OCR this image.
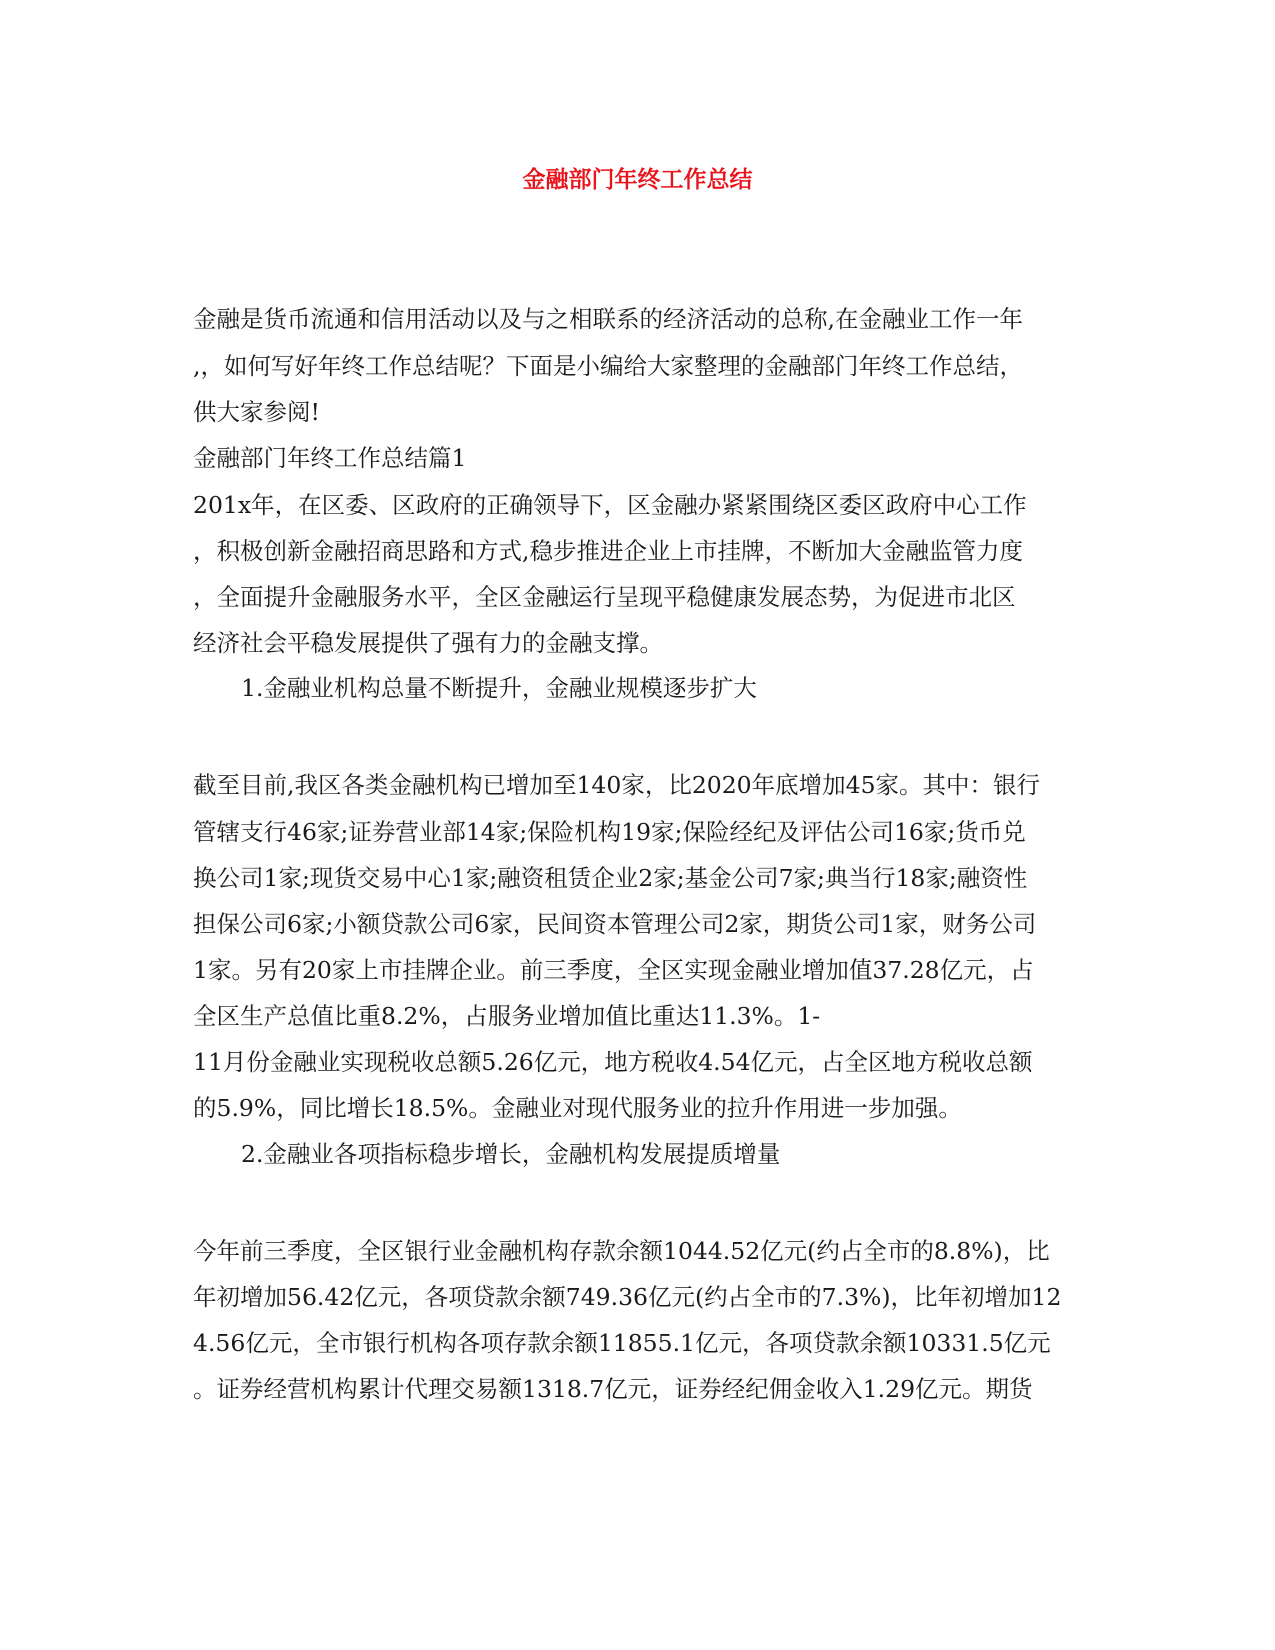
金融部门年终工作总结
金融是货币流通和信用活动以及与之相联系的经济活动的总称,在金融业工作一年
,，如何写好年终工作总结呢？下面是小编给大家整理的金融部门年终工作总结，
供大家参阅!
金融部门年终工作总结篇1
201x年，在区委、区政府的正确领导下，区金融办紧紧围绕区委区政府中心工作
，积极创新金融招商思路和方式,稳步推进企业上市挂牌，不断加大金融监管力度
，全面提升金融服务水平，全区金融运行呈现平稳健康发展态势，为促进市北区
经济社会平稳发展提供了强有力的金融支撑。
1.金融业机构总量不断提升，金融业规模逐步扩大
截至目前,我区各类金融机构已增加至140家，比2020年底增加45家。其中：银行
管辖支行46家;证券营业部14家;保险机构19家;保险经纪及评估公司16家;货币兑
换公司1家;现货交易中心1家;融资租赁企业2家;基金公司7家;典当行18家;融资性
担保公司6家;小额贷款公司6家，民间资本管理公司2家，期货公司1家，财务公司
1家。另有20家上市挂牌企业。前三季度，全区实现金融业增加值37.28亿元，占
全区生产总值比重8.2%，占服务业增加值比重达11.3%。1-
11月份金融业实现税收总额5.26亿元，地方税收4.54亿元，占全区地方税收总额
的5.9%，同比增长18.5%。金融业对现代服务业的拉升作用进一步加强。
2.金融业各项指标稳步增长，金融机构发展提质增量
今年前三季度，全区银行业金融机构存款余额1044.52亿元(约占全市的8.8%)，比
年初增加56.42亿元，各项贷款余额749.36亿元(约占全市的7.3%)，比年初增加12
4.56亿元，全市银行机构各项存款余额11855.1亿元，各项贷款余额10331.5亿元
。证券经营机构累计代理交易额1318.7亿元，证券经纪佣金收入1.29亿元。期货
